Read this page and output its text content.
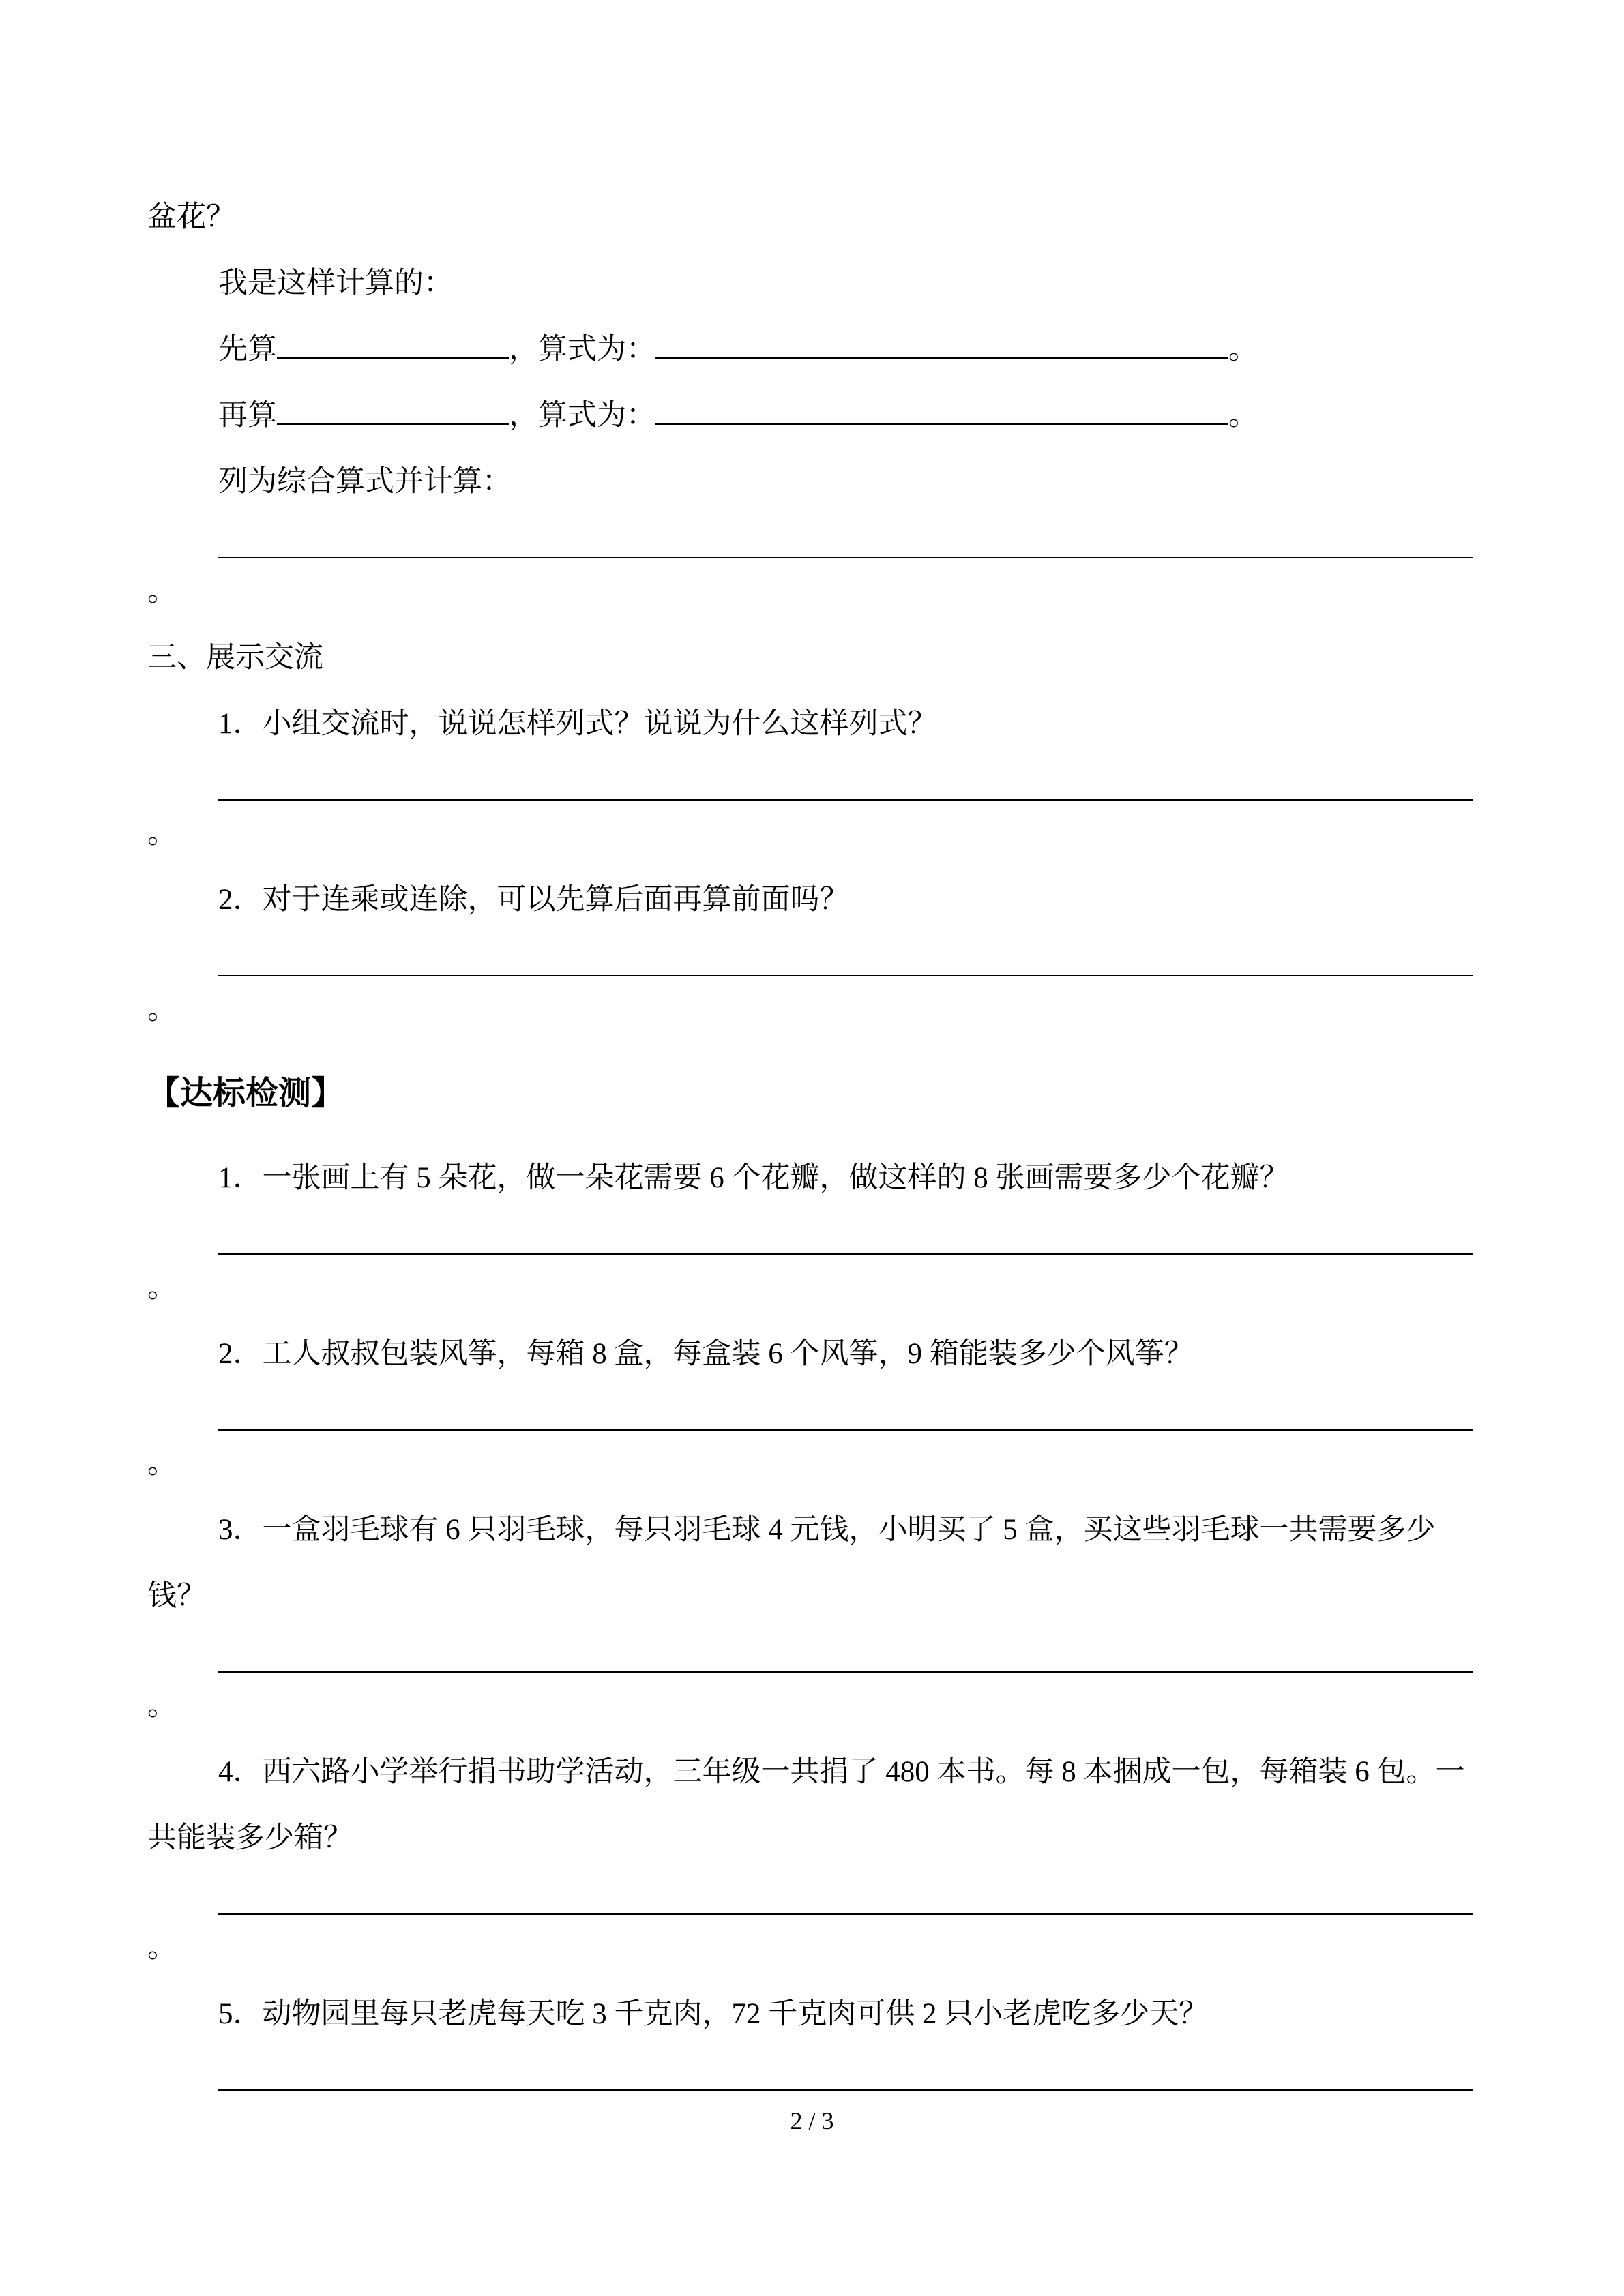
盆花？

我是这样计算的：

先算	，算式为：	。

再算	，算式为：	。

列为综合算式并计算：

。

三、展示交流

1．小组交流时，说说怎样列式？说说为什么这样列式？

。

2．对于连乘或连除，可以先算后面再算前面吗？

。

【达标检测】

1．一张画上有 5 朵花，做一朵花需要 6 个花瓣，做这样的 8 张画需要多少个花瓣？

。

2．工人叔叔包装风筝，每箱 8 盒，每盒装 6 个风筝，9 箱能装多少个风筝？

。

3．一盒羽毛球有 6 只羽毛球，每只羽毛球 4 元钱，小明买了 5 盒，买这些羽毛球一共需要多少钱？

。

4．西六路小学举行捐书助学活动，三年级一共捐了 480 本书。每 8 本捆成一包，每箱装 6 包。一共能装多少箱？

。

5．动物园里每只老虎每天吃 3 千克肉，72 千克肉可供 2 只小老虎吃多少天？

2 / 3
